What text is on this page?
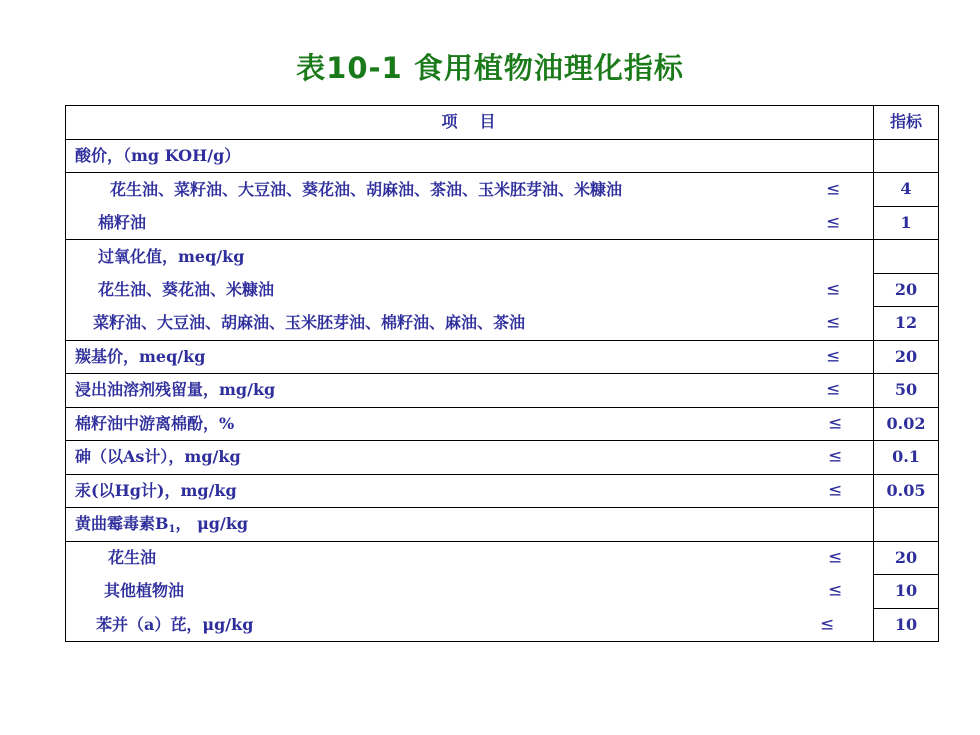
表10-1 食用植物油理化指标
项目	指标

酸价，（mg KOH/g）	

花生油、菜籽油、大豆油、葵花油、胡麻油、茶油、玉米胚芽油、米糠油 ≤	4

棉籽油 ≤	1

过氧化值，meq/kg	

花生油、葵花油、米糠油 ≤	20

菜籽油、大豆油、胡麻油、玉米胚芽油、棉籽油、麻油、茶油 ≤	12

羰基价，meq/kg ≤	20

浸出油溶剂残留量，mg/kg ≤	50

棉籽油中游离棉酚，% ≤	0.02

砷（以As计），mg/kg ≤	0.1

汞(以Hg计)，mg/kg ≤	0.05

黄曲霉毒素$B_1$， μg/kg	

花生油 ≤	20

其他植物油 ≤	10

苯并（a）芘，μg/kg ≤	10
